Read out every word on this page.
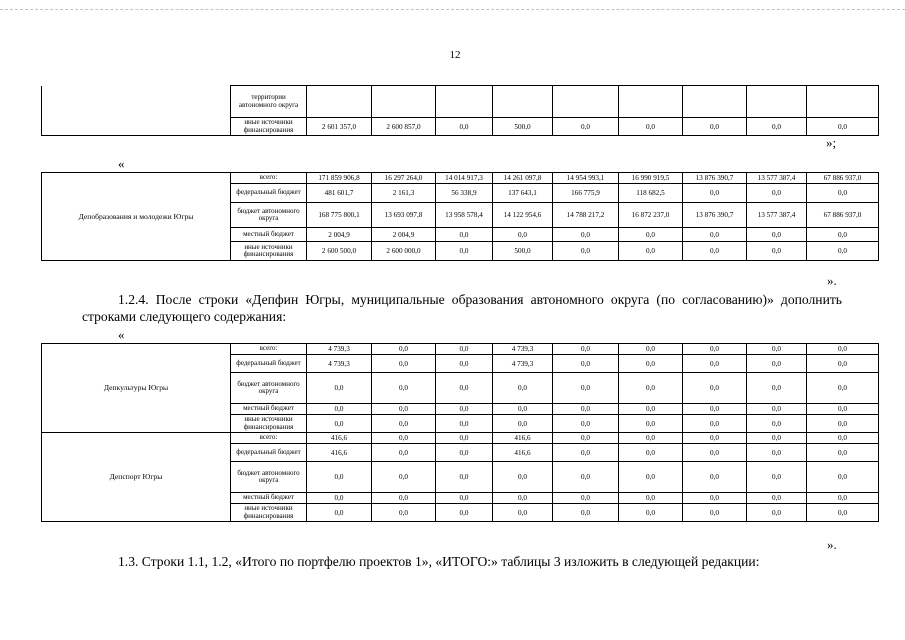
12
	территории автономного округа									
	иные источники финансирования	2 601 357,0	2 600 857,0	0,0	500,0	0,0	0,0	0,0	0,0	0,0
»;
«
Депобразования и молодежи Югры	всего:	171 859 906,8	16 297 264,0	14 014 917,3	14 261 097,8	14 954 993,1	16 990 919,5	13 876 390,7	13 577 387,4	67 886 937,0
	федеральный бюджет	481 601,7	2 161,3	56 338,9	137 643,1	166 775,9	118 682,5	0,0	0,0	0,0
	бюджет автономного округа	168 775 800,1	13 693 097,8	13 958 578,4	14 122 954,6	14 788 217,2	16 872 237,0	13 876 390,7	13 577 387,4	67 886 937,0
	местный бюджет	2 004,9	2 004,9	0,0	0,0	0,0	0,0	0,0	0,0	0,0
	иные источники финансирования	2 600 500,0	2 600 000,0	0,0	500,0	0,0	0,0	0,0	0,0	0,0
».
1.2.4. После строки «Депфин Югры, муниципальные образования автономного округа (по согласованию)» дополнить строками следующего содержания:
«
Депкультуры Югры	всего:	4 739,3	0,0	0,0	4 739,3	0,0	0,0	0,0	0,0	0,0
	федеральный бюджет	4 739,3	0,0	0,0	4 739,3	0,0	0,0	0,0	0,0	0,0
	бюджет автономного округа	0,0	0,0	0,0	0,0	0,0	0,0	0,0	0,0	0,0
	местный бюджет	0,0	0,0	0,0	0,0	0,0	0,0	0,0	0,0	0,0
	иные источники финансирования	0,0	0,0	0,0	0,0	0,0	0,0	0,0	0,0	0,0
Депспорт Югры	всего:	416,6	0,0	0,0	416,6	0,0	0,0	0,0	0,0	0,0
	федеральный бюджет	416,6	0,0	0,0	416,6	0,0	0,0	0,0	0,0	0,0
	бюджет автономного округа	0,0	0,0	0,0	0,0	0,0	0,0	0,0	0,0	0,0
	местный бюджет	0,0	0,0	0,0	0,0	0,0	0,0	0,0	0,0	0,0
	иные источники финансирования	0,0	0,0	0,0	0,0	0,0	0,0	0,0	0,0	0,0
».
1.3. Строки 1.1, 1.2, «Итого по портфелю проектов 1», «ИТОГО:» таблицы 3 изложить в следующей редакции:
